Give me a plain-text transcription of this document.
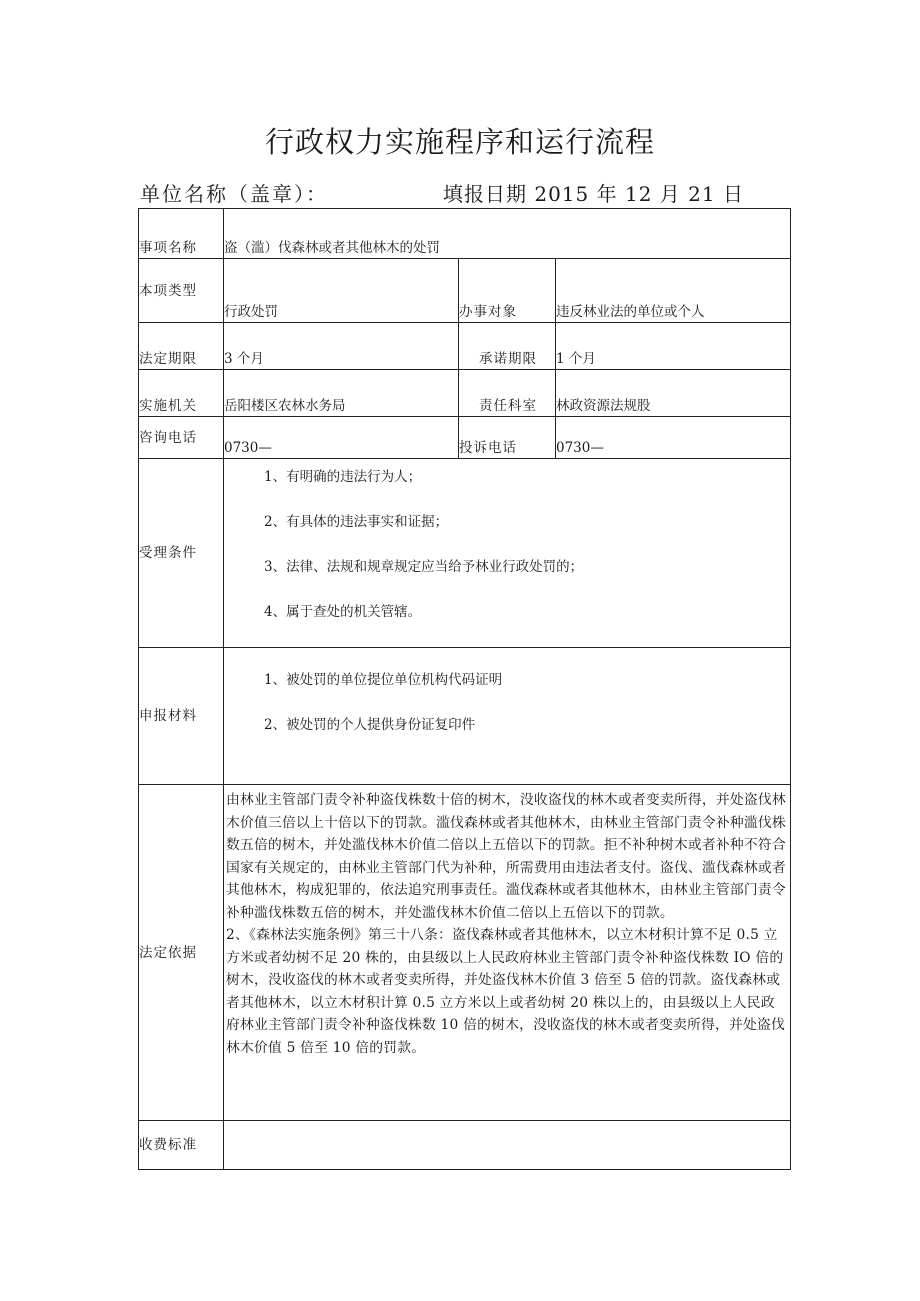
行政权力实施程序和运行流程
单位名称（盖章）：	填报日期 2015 年 12 月 21 日
事项名称	盗（滥）伐森林或者其他林木的处罚		
本项类型	行政处罚	办事对象	违反林业法的单位或个人
法定期限	3 个月	承诺期限	1 个月
实施机关	岳阳楼区农林水务局	责任科室	林政资源法规股
咨询电话	0730—	投诉电话	0730—
受理条件	1、有明确的违法行为人；
2、有具体的违法事实和证据；
3、法律、法规和规章规定应当给予林业行政处罚的；
4、属于查处的机关管辖。		

申报材料	1、被处罚的单位提位单位机构代码证明
2、被处罚的个人提供身份证复印件		

法定依据	由林业主管部门责令补种盗伐株数十倍的树木，没收盗伐的林木或者变卖所得，并处盗伐林木价值三倍以上十倍以下的罚款。滥伐森林或者其他林木，由林业主管部门责令补种滥伐株数五倍的树木，并处滥伐林木价值二倍以上五倍以下的罚款。拒不补种树木或者补种不符合国家有关规定的，由林业主管部门代为补种，所需费用由违法者支付。盗伐、滥伐森林或者其他林木，构成犯罪的，依法追究刑事责任。滥伐森林或者其他林木，由林业主管部门责令补种滥伐株数五倍的树木，并处滥伐林木价值二倍以上五倍以下的罚款。

2、《森林法实施条例》第三十八条：盗伐森林或者其他林木，以立木材积计算不足 0.5 立方米或者幼树不足 20 株的，由县级以上人民政府林业主管部门责令补种盗伐株数 IO 倍的树木，没收盗伐的林木或者变卖所得，并处盗伐林木价值 3 倍至 5 倍的罚款。盗伐森林或者其他林木，以立木材积计算 0.5 立方米以上或者幼树 20 株以上的，由县级以上人民政府林业主管部门责令补种盗伐株数 10 倍的树木，没收盗伐的林木或者变卖所得，并处盗伐林木价值 5 倍至 10 倍的罚款。		

收费标准			
